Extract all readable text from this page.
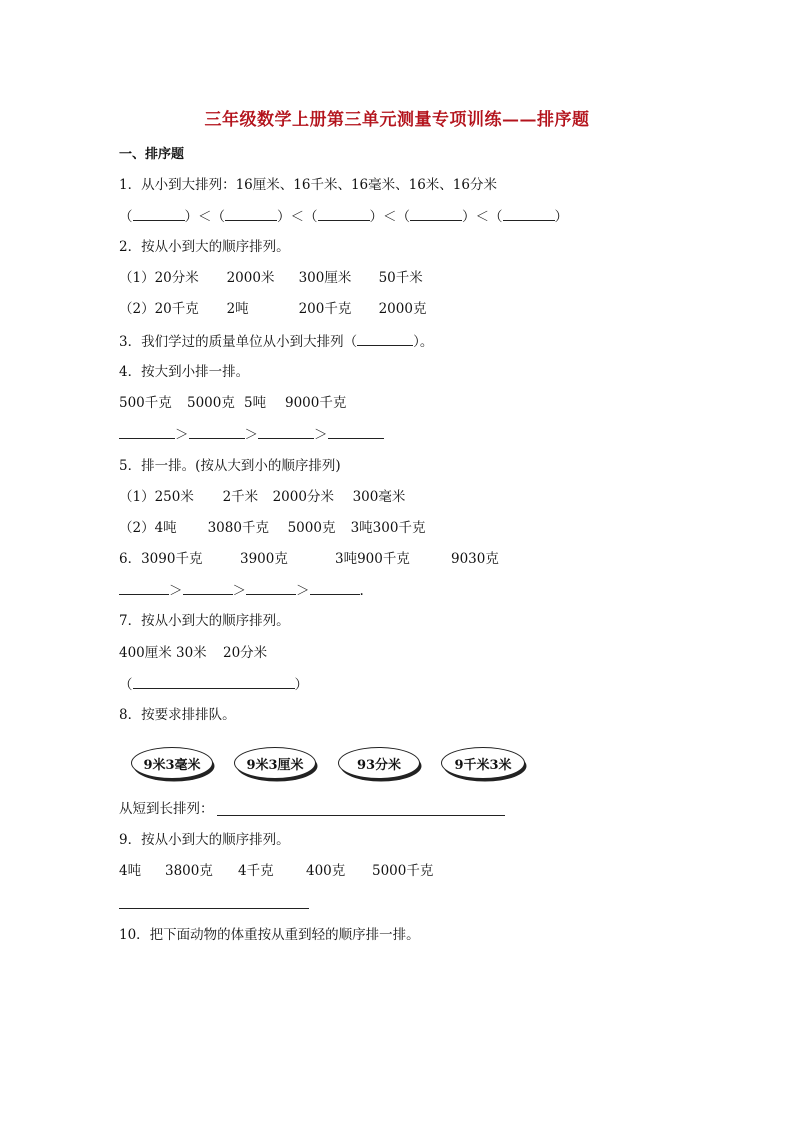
三年级数学上册第三单元测量专项训练——排序题
一、排序题
1．从小到大排列：16厘米、16千米、16毫米、16米、16分米
（	）＜（	）＜（	）＜（	）＜（	）
2．按从小到大的顺序排列。
（1）20分米 2000米 300厘米 50千米
（2）20千克 2吨	200千克 2000克
3．我们学过的质量单位从小到大排列（	）。
4．按大到小排一排。
500千克 5000克 5吨 9000千克
＞	＞	＞
5．排一排。(按从大到小的顺序排列)
（1）250米 2千米 2000分米 300毫米
（2）4吨 3080千克 5000克 3吨300千克
6．3090千克	3900克	3吨900千克	9030克
＞	＞	＞	.
7．按从小到大的顺序排列。
400厘米 30米 20分米
（	）
8．按要求排排队。
9米3毫米	9米3厘米	93分米	9千米3米
从短到长排列：
9．按从小到大的顺序排列。
4吨 3800克 4千克 400克 5000千克
10．把下面动物的体重按从重到轻的顺序排一排。
